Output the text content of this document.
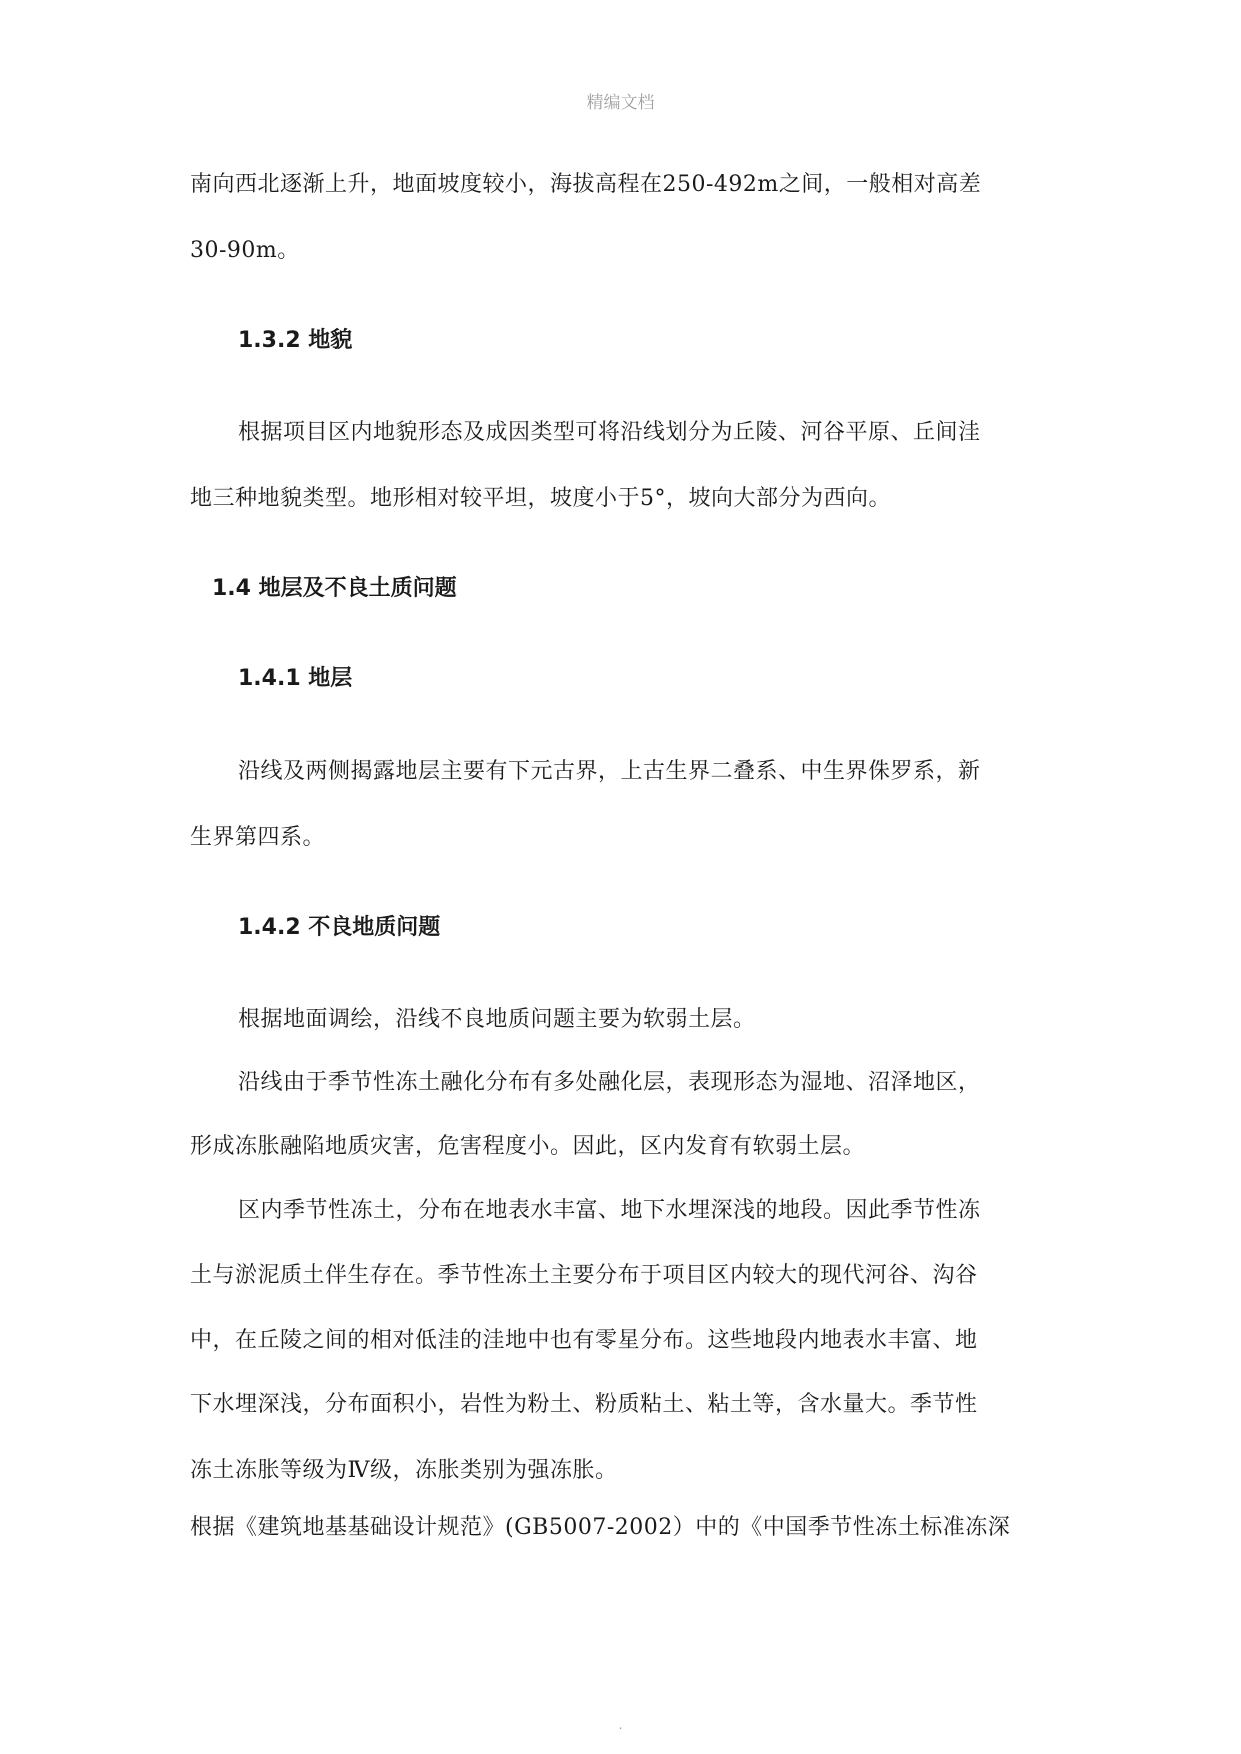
精编文档
南向西北逐渐上升，地面坡度较小，海拔高程在250-492m之间，一般相对高差
30-90m。
1.3.2 地貌
根据项目区内地貌形态及成因类型可将沿线划分为丘陵、河谷平原、丘间洼
地三种地貌类型。地形相对较平坦，坡度小于5°，坡向大部分为西向。
1.4 地层及不良土质问题
1.4.1 地层
沿线及两侧揭露地层主要有下元古界，上古生界二叠系、中生界侏罗系，新
生界第四系。
1.4.2 不良地质问题
根据地面调绘，沿线不良地质问题主要为软弱土层。
沿线由于季节性冻土融化分布有多处融化层，表现形态为湿地、沼泽地区，
形成冻胀融陷地质灾害，危害程度小。因此，区内发育有软弱土层。
区内季节性冻土，分布在地表水丰富、地下水埋深浅的地段。因此季节性冻
土与淤泥质土伴生存在。季节性冻土主要分布于项目区内较大的现代河谷、沟谷
中，在丘陵之间的相对低洼的洼地中也有零星分布。这些地段内地表水丰富、地
下水埋深浅，分布面积小，岩性为粉土、粉质粘土、粘土等，含水量大。季节性
冻土冻胀等级为Ⅳ级，冻胀类别为强冻胀。
根据《建筑地基基础设计规范》(GB5007-2002）中的《中国季节性冻土标准冻深
.
